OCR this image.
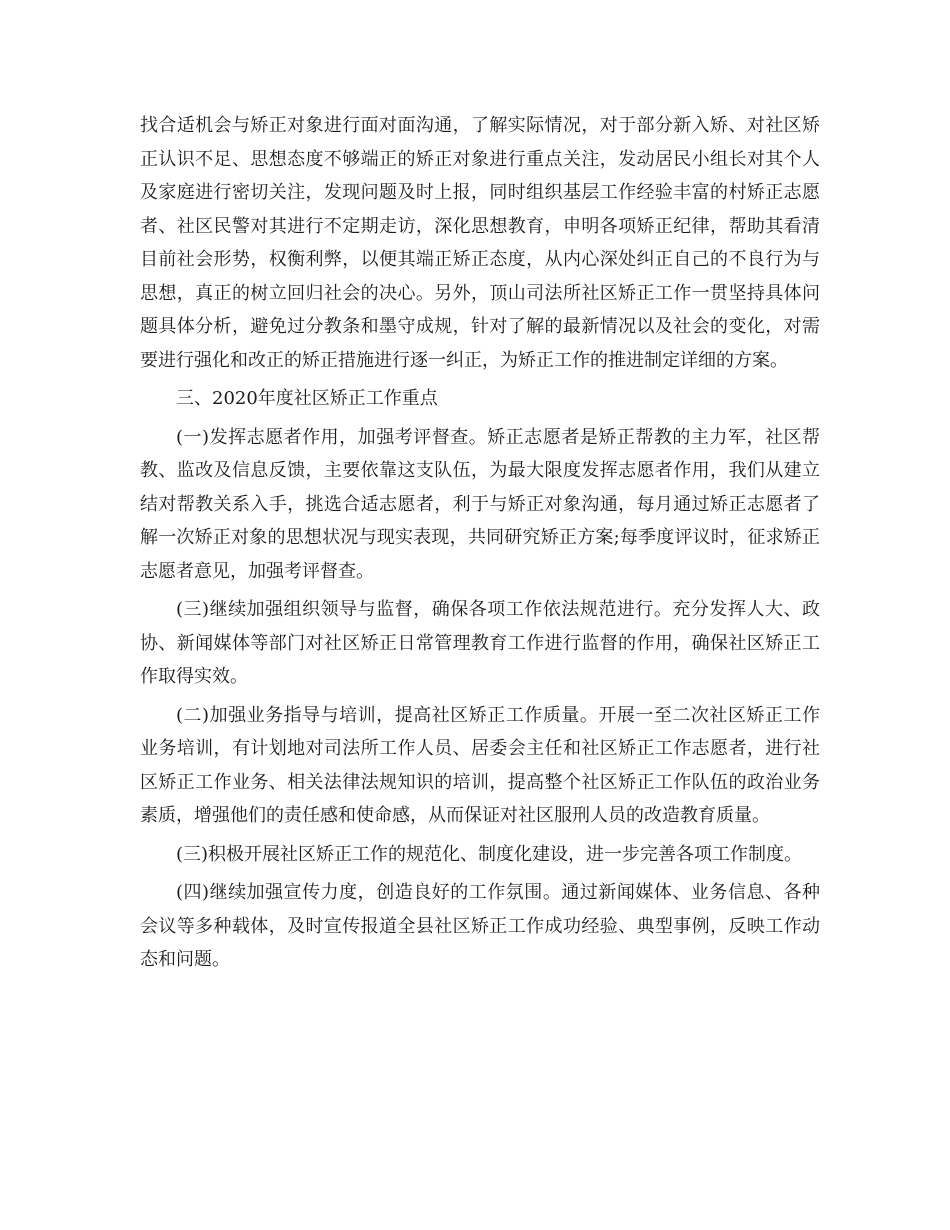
找合适机会与矫正对象进行面对面沟通，了解实际情况，对于部分新入矫、对社区矫正认识不足、思想态度不够端正的矫正对象进行重点关注，发动居民小组长对其个人及家庭进行密切关注，发现问题及时上报，同时组织基层工作经验丰富的村矫正志愿者、社区民警对其进行不定期走访，深化思想教育，申明各项矫正纪律，帮助其看清目前社会形势，权衡利弊，以便其端正矫正态度，从内心深处纠正自己的不良行为与思想，真正的树立回归社会的决心。另外，顶山司法所社区矫正工作一贯坚持具体问题具体分析，避免过分教条和墨守成规，针对了解的最新情况以及社会的变化，对需要进行强化和改正的矫正措施进行逐一纠正，为矫正工作的推进制定详细的方案。

三、2020年度社区矫正工作重点

(一)发挥志愿者作用，加强考评督查。矫正志愿者是矫正帮教的主力军，社区帮教、监改及信息反馈，主要依靠这支队伍，为最大限度发挥志愿者作用，我们从建立结对帮教关系入手，挑选合适志愿者，利于与矫正对象沟通，每月通过矫正志愿者了解一次矫正对象的思想状况与现实表现，共同研究矫正方案;每季度评议时，征求矫正志愿者意见，加强考评督查。

(三)继续加强组织领导与监督，确保各项工作依法规范进行。充分发挥人大、政协、新闻媒体等部门对社区矫正日常管理教育工作进行监督的作用，确保社区矫正工作取得实效。

(二)加强业务指导与培训，提高社区矫正工作质量。开展一至二次社区矫正工作业务培训，有计划地对司法所工作人员、居委会主任和社区矫正工作志愿者，进行社区矫正工作业务、相关法律法规知识的培训，提高整个社区矫正工作队伍的政治业务素质，增强他们的责任感和使命感，从而保证对社区服刑人员的改造教育质量。

(三)积极开展社区矫正工作的规范化、制度化建设，进一步完善各项工作制度。

(四)继续加强宣传力度，创造良好的工作氛围。通过新闻媒体、业务信息、各种会议等多种载体，及时宣传报道全县社区矫正工作成功经验、典型事例，反映工作动态和问题。
